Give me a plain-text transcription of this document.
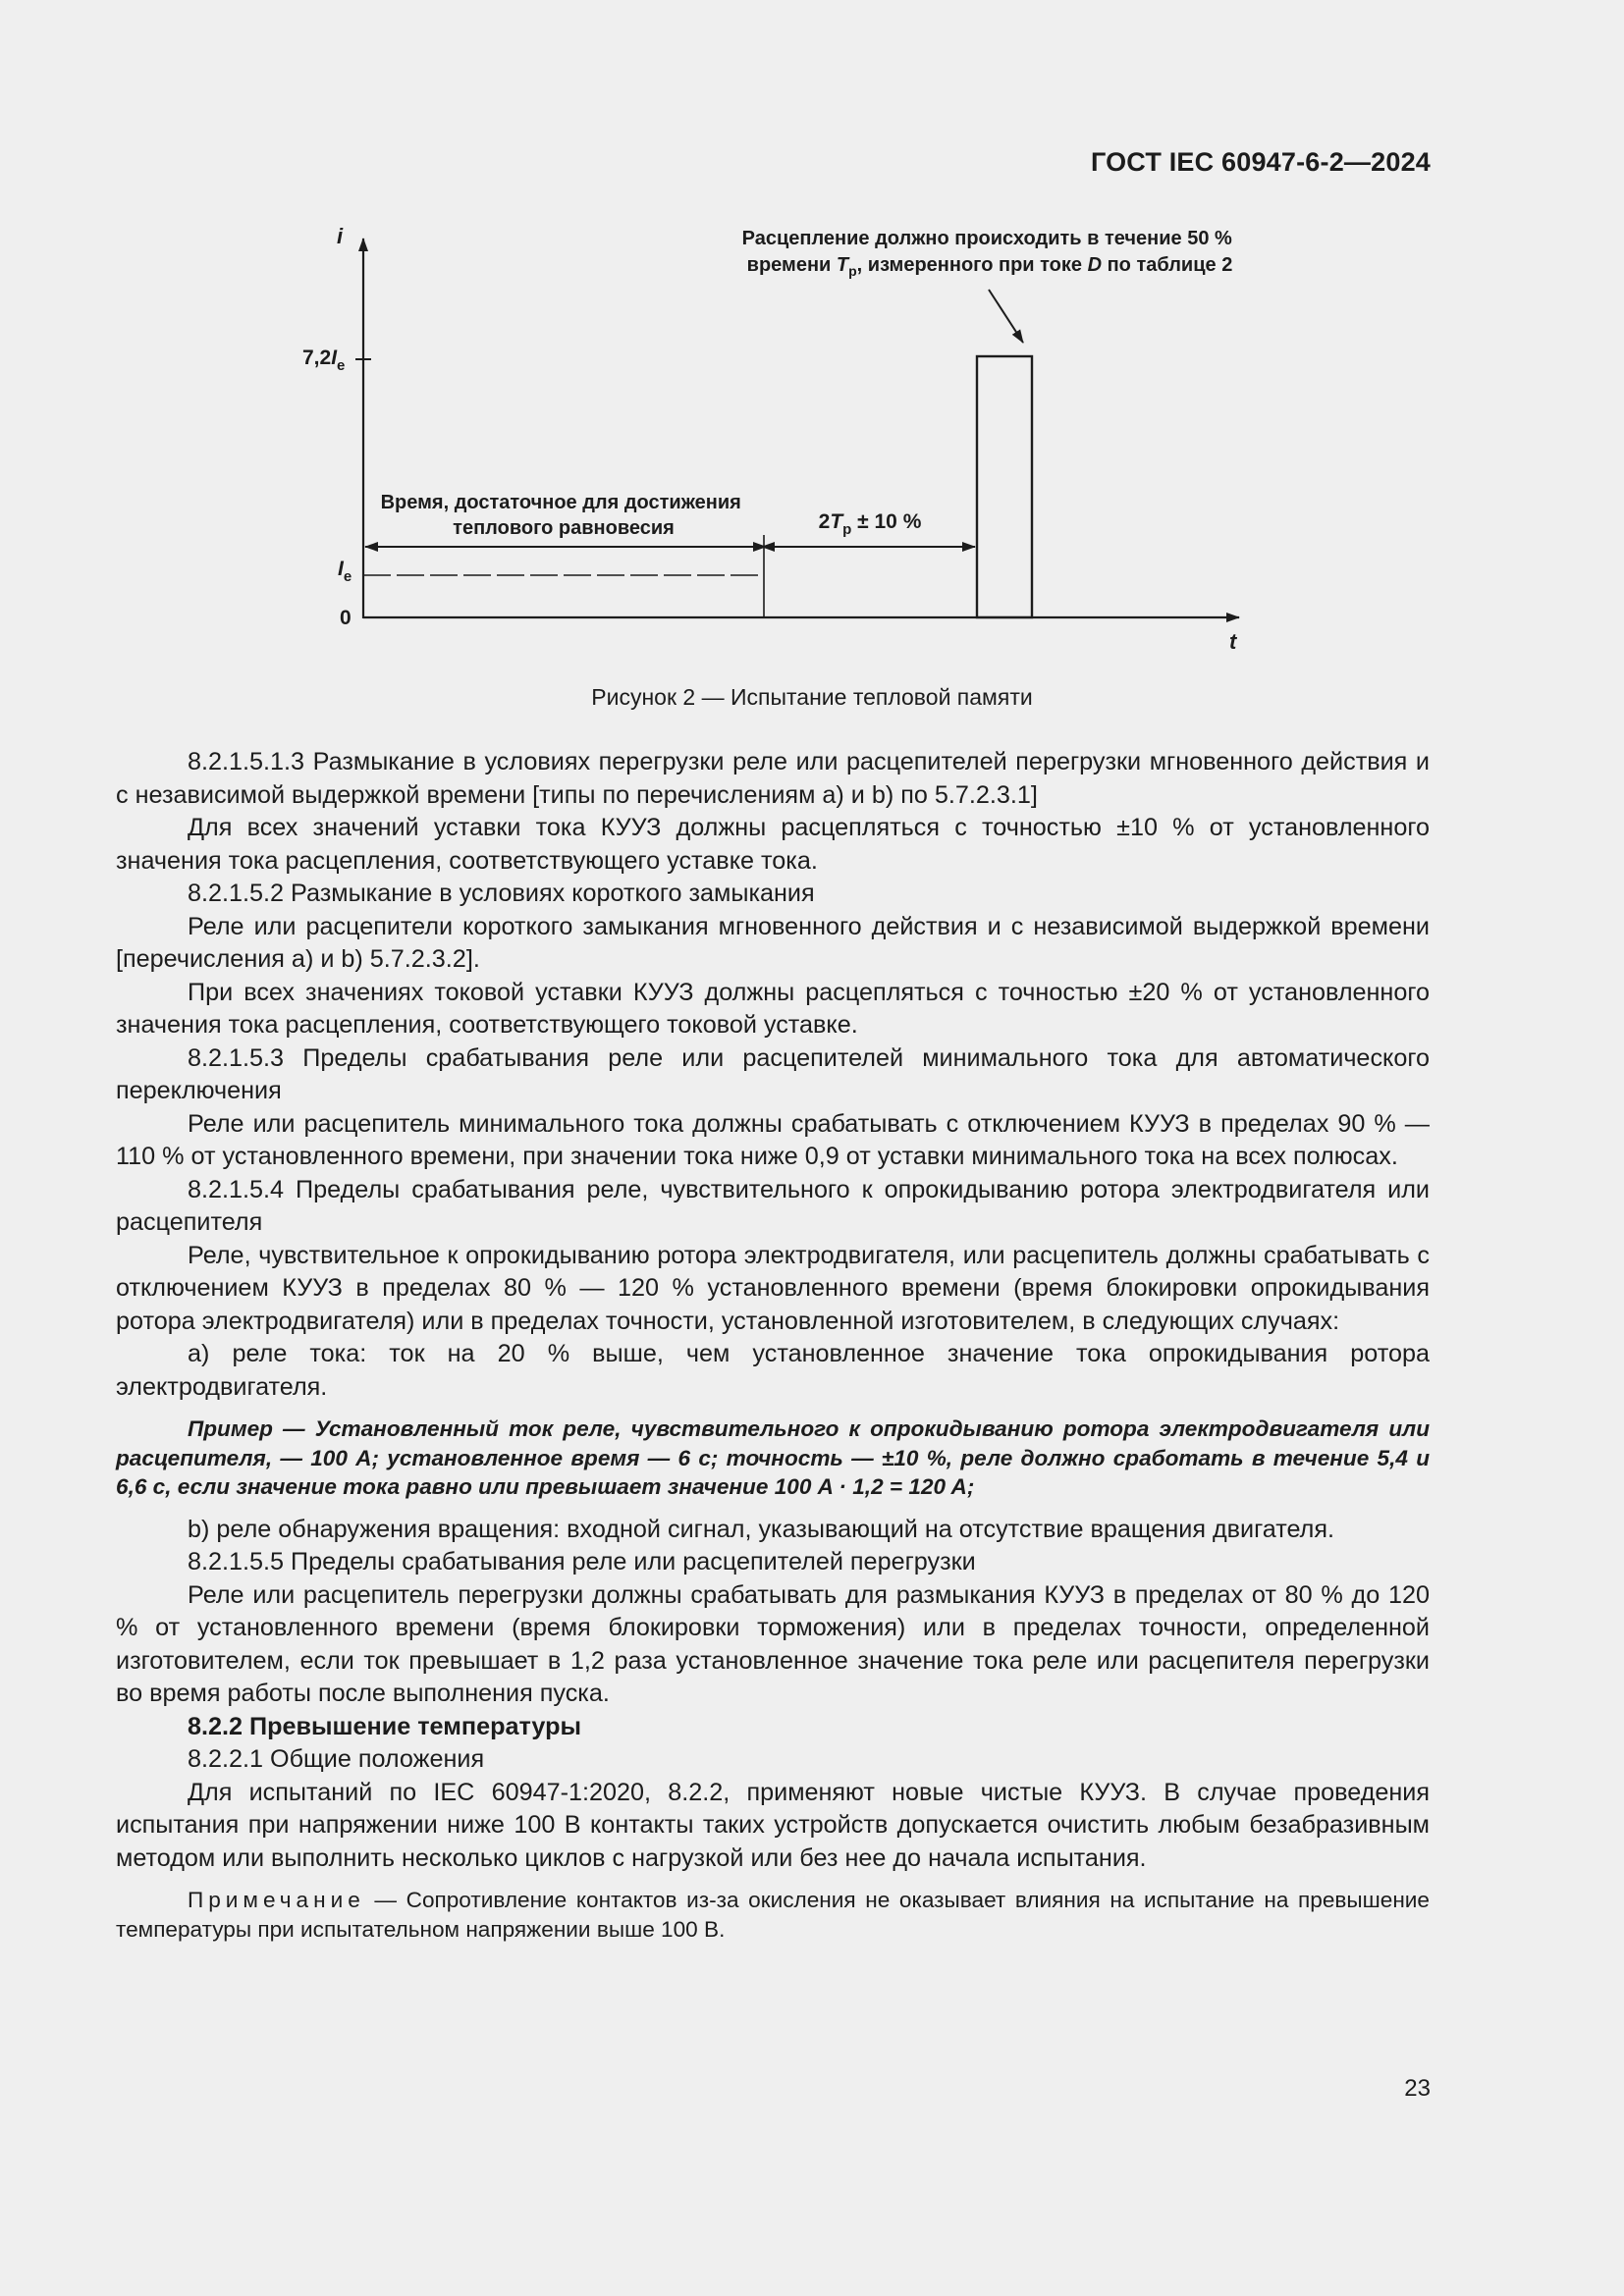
ГОСТ IEC 60947-6-2—2024
i
t
$7,2I_e$
$I_e$
0
Время, достаточное для достижения теплового равновесия	$2T_p \pm 10$ %
Расцепление должно происходить в течение 50 % времени $T_p$, измеренного при токе D по таблице 2
Рисунок 2 — Испытание тепловой памяти

8.2.1.5.1.3 Размыкание в условиях перегрузки реле или расцепителей перегрузки мгновенного действия и с независимой выдержкой времени [типы по перечислениям a) и b) по 5.7.2.3.1]

Для всех значений уставки тока КУУЗ должны расцепляться с точностью ±10 % от установленного значения тока расцепления, соответствующего уставке тока.

8.2.1.5.2 Размыкание в условиях короткого замыкания

Реле или расцепители короткого замыкания мгновенного действия и с независимой выдержкой времени [перечисления a) и b) 5.7.2.3.2].

При всех значениях токовой уставки КУУЗ должны расцепляться с точностью ±20 % от установленного значения тока расцепления, соответствующего токовой уставке.

8.2.1.5.3 Пределы срабатывания реле или расцепителей минимального тока для автоматического переключения

Реле или расцепитель минимального тока должны срабатывать с отключением КУУЗ в пределах 90 % — 110 % от установленного времени, при значении тока ниже 0,9 от уставки минимального тока на всех полюсах.

8.2.1.5.4 Пределы срабатывания реле, чувствительного к опрокидыванию ротора электродвигателя или расцепителя

Реле, чувствительное к опрокидыванию ротора электродвигателя, или расцепитель должны срабатывать с отключением КУУЗ в пределах 80 % — 120 % установленного времени (время блокировки опрокидывания ротора электродвигателя) или в пределах точности, установленной изготовителем, в следующих случаях:

a) реле тока: ток на 20 % выше, чем установленное значение тока опрокидывания ротора электродвигателя.

Пример — Установленный ток реле, чувствительного к опрокидыванию ротора электродвигателя или расцепителя, — 100 A; установленное время — 6 с; точность — ±10 %, реле должно сработать в течение 5,4 и 6,6 с, если значение тока равно или превышает значение 100 A · 1,2 = 120 A;

b) реле обнаружения вращения: входной сигнал, указывающий на отсутствие вращения двигателя.

8.2.1.5.5 Пределы срабатывания реле или расцепителей перегрузки

Реле или расцепитель перегрузки должны срабатывать для размыкания КУУЗ в пределах от 80 % до 120 % от установленного времени (время блокировки торможения) или в пределах точности, определенной изготовителем, если ток превышает в 1,2 раза установленное значение тока реле или расцепителя перегрузки во время работы после выполнения пуска.

8.2.2 Превышение температуры

8.2.2.1 Общие положения

Для испытаний по IEC 60947-1:2020, 8.2.2, применяют новые чистые КУУЗ. В случае проведения испытания при напряжении ниже 100 В контакты таких устройств допускается очистить любым безабразивным методом или выполнить несколько циклов с нагрузкой или без нее до начала испытания.

Примечание — Сопротивление контактов из-за окисления не оказывает влияния на испытание на превышение температуры при испытательном напряжении выше 100 В.

23
